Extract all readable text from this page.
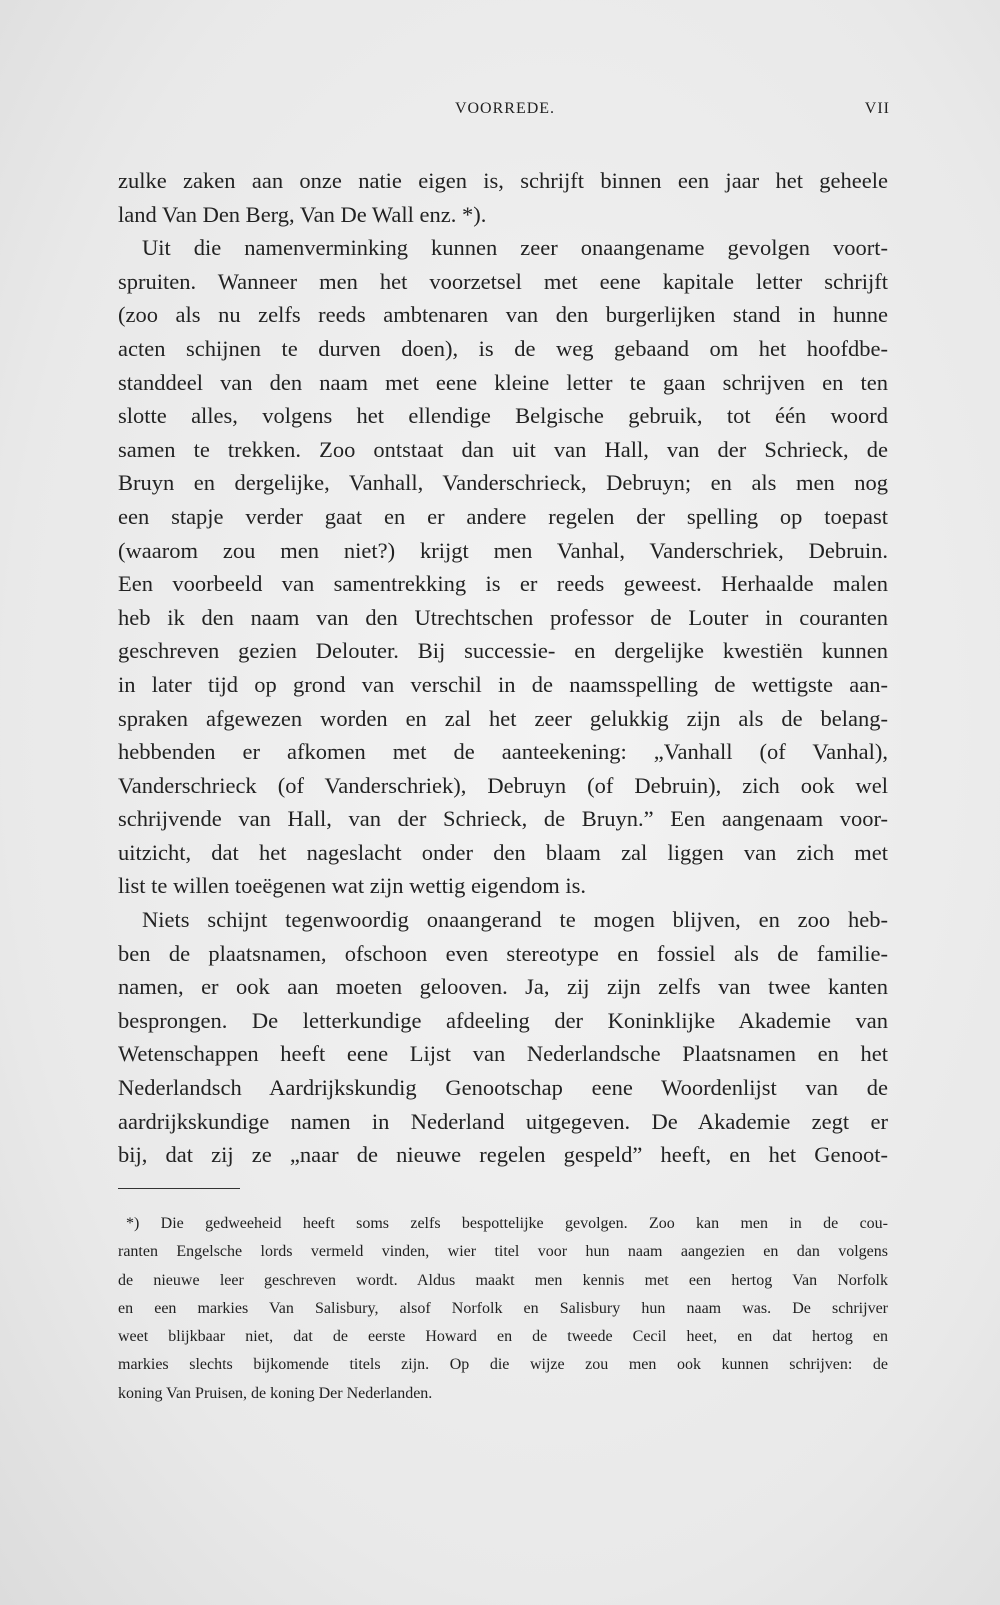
VOORREDE.	VII
zulke zaken aan onze natie eigen is, schrijft binnen een jaar het geheele
land Van Den Berg, Van De Wall enz. *).
Uit die namenverminking kunnen zeer onaangename gevolgen voort-
spruiten. Wanneer men het voorzetsel met eene kapitale letter schrijft
(zoo als nu zelfs reeds ambtenaren van den burgerlijken stand in hunne
acten schijnen te durven doen), is de weg gebaand om het hoofdbe-
standdeel van den naam met eene kleine letter te gaan schrijven en ten
slotte alles, volgens het ellendige Belgische gebruik, tot één woord
samen te trekken. Zoo ontstaat dan uit van Hall, van der Schrieck, de
Bruyn en dergelijke, Vanhall, Vanderschrieck, Debruyn; en als men nog
een stapje verder gaat en er andere regelen der spelling op toepast
(waarom zou men niet?) krijgt men Vanhal, Vanderschriek, Debruin.
Een voorbeeld van samentrekking is er reeds geweest. Herhaalde malen
heb ik den naam van den Utrechtschen professor de Louter in couranten
geschreven gezien Delouter. Bij successie- en dergelijke kwestiën kunnen
in later tijd op grond van verschil in de naamsspelling de wettigste aan-
spraken afgewezen worden en zal het zeer gelukkig zijn als de belang-
hebbenden er afkomen met de aanteekening: „Vanhall (of Vanhal),
Vanderschrieck (of Vanderschriek), Debruyn (of Debruin), zich ook wel
schrijvende van Hall, van der Schrieck, de Bruyn.” Een aangenaam voor-
uitzicht, dat het nageslacht onder den blaam zal liggen van zich met
list te willen toeëgenen wat zijn wettig eigendom is.
Niets schijnt tegenwoordig onaangerand te mogen blijven, en zoo heb-
ben de plaatsnamen, ofschoon even stereotype en fossiel als de familie-
namen, er ook aan moeten gelooven. Ja, zij zijn zelfs van twee kanten
besprongen. De letterkundige afdeeling der Koninklijke Akademie van
Wetenschappen heeft eene Lijst van Nederlandsche Plaatsnamen en het
Nederlandsch Aardrijkskundig Genootschap eene Woordenlijst van de
aardrijkskundige namen in Nederland uitgegeven. De Akademie zegt er
bij, dat zij ze „naar de nieuwe regelen gespeld” heeft, en het Genoot-
*) Die gedweeheid heeft soms zelfs bespottelijke gevolgen. Zoo kan men in de cou-
ranten Engelsche lords vermeld vinden, wier titel voor hun naam aangezien en dan volgens
de nieuwe leer geschreven wordt. Aldus maakt men kennis met een hertog Van Norfolk
en een markies Van Salisbury, alsof Norfolk en Salisbury hun naam was. De schrijver
weet blijkbaar niet, dat de eerste Howard en de tweede Cecil heet, en dat hertog en
markies slechts bijkomende titels zijn. Op die wijze zou men ook kunnen schrijven: de
koning Van Pruisen, de koning Der Nederlanden.
